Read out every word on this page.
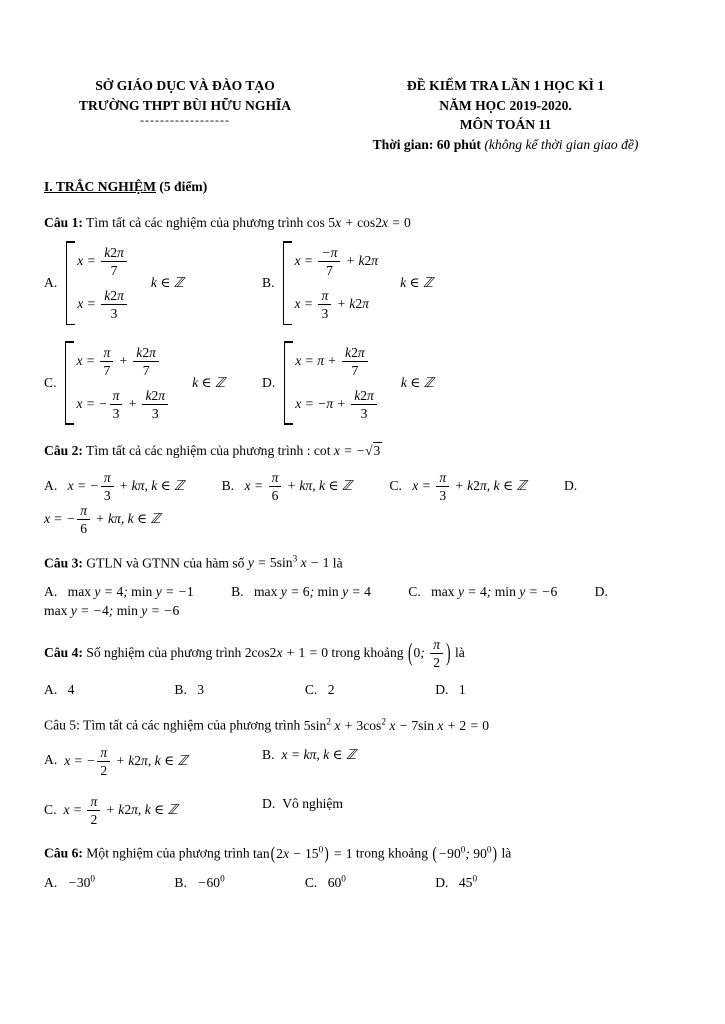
SỞ GIÁO DỤC VÀ ĐÀO TẠO
TRƯỜNG THPT BÙI HỮU NGHĨA
------------------
ĐỀ KIỂM TRA LẦN 1 HỌC KÌ 1
NĂM HỌC 2019-2020.
MÔN TOÁN 11
Thời gian: 60 phút (không kể thời gian giao đề)
I. TRẮC NGHIỆM (5 điểm)
Câu 1: Tìm tất cả các nghiệm của phương trình cos 5x + cos2x = 0
A.
$x = \frac{k2\pi}{7}$
$x = \frac{k2\pi}{3}$
k ∈ ℤ	B.
$x = \frac{-\pi}{7} + k2\pi$
$x = \frac{\pi}{3} + k2\pi$
k ∈ ℤ
C.
$x = \frac{\pi}{7} + \frac{k2\pi}{7}$
x = − $\frac{\pi}{3} + \frac{k2\pi}{3}$
k ∈ ℤ	D.
$x = \pi + \frac{k2\pi}{7}$
$x = -\pi + \frac{k2\pi}{3}$
k ∈ ℤ
Câu 2: Tìm tất cả các nghiệm của phương trình : cot x = −√3
A. x = − $\frac{\pi}{3} + k\pi$, k ∈ ℤ	B. $x = \frac{\pi}{6} + k\pi$, k ∈ ℤ	C. $x = \frac{\pi}{3} + k2\pi$, k ∈ ℤ	D. x = − $\frac{\pi}{6} + k\pi$, k ∈ ℤ
Câu 3: GTLN và GTNN của hàm số $y = 5\sin^3$ x − 1 là
A. max y = 4; min y = −1	B. max y = 6; min y = 4	C. max y = 4; min y = −6	D. max y = −4; min y = −6
Câu 4: Số nghiệm của phương trình 2cos2x + 1 = 0 trong khoảng (0; $\frac{\pi}{2}$ ) là
A. 4	B. 3	C. 2	D. 1
Câu 5: Tìm tất cả các nghiệm của phương trình $5\sin^2$ $x + 3\cos^2$ x − 7sin x + 2 = 0
A. x = − $\frac{\pi}{2} + k2\pi$, k ∈ ℤ	B. x = kπ, k ∈ ℤ
C. $x = \frac{\pi}{2} + k2\pi$, k ∈ ℤ	D. Vô nghiệm
Câu 6: Một nghiệm của phương trình $\tan(2x - 15^0) = 1$ trong khoảng ($-90^0$; $90^0$) là
A. $-30^0$	B. $-60^0$	C. $60^0$	D. $45^0$
